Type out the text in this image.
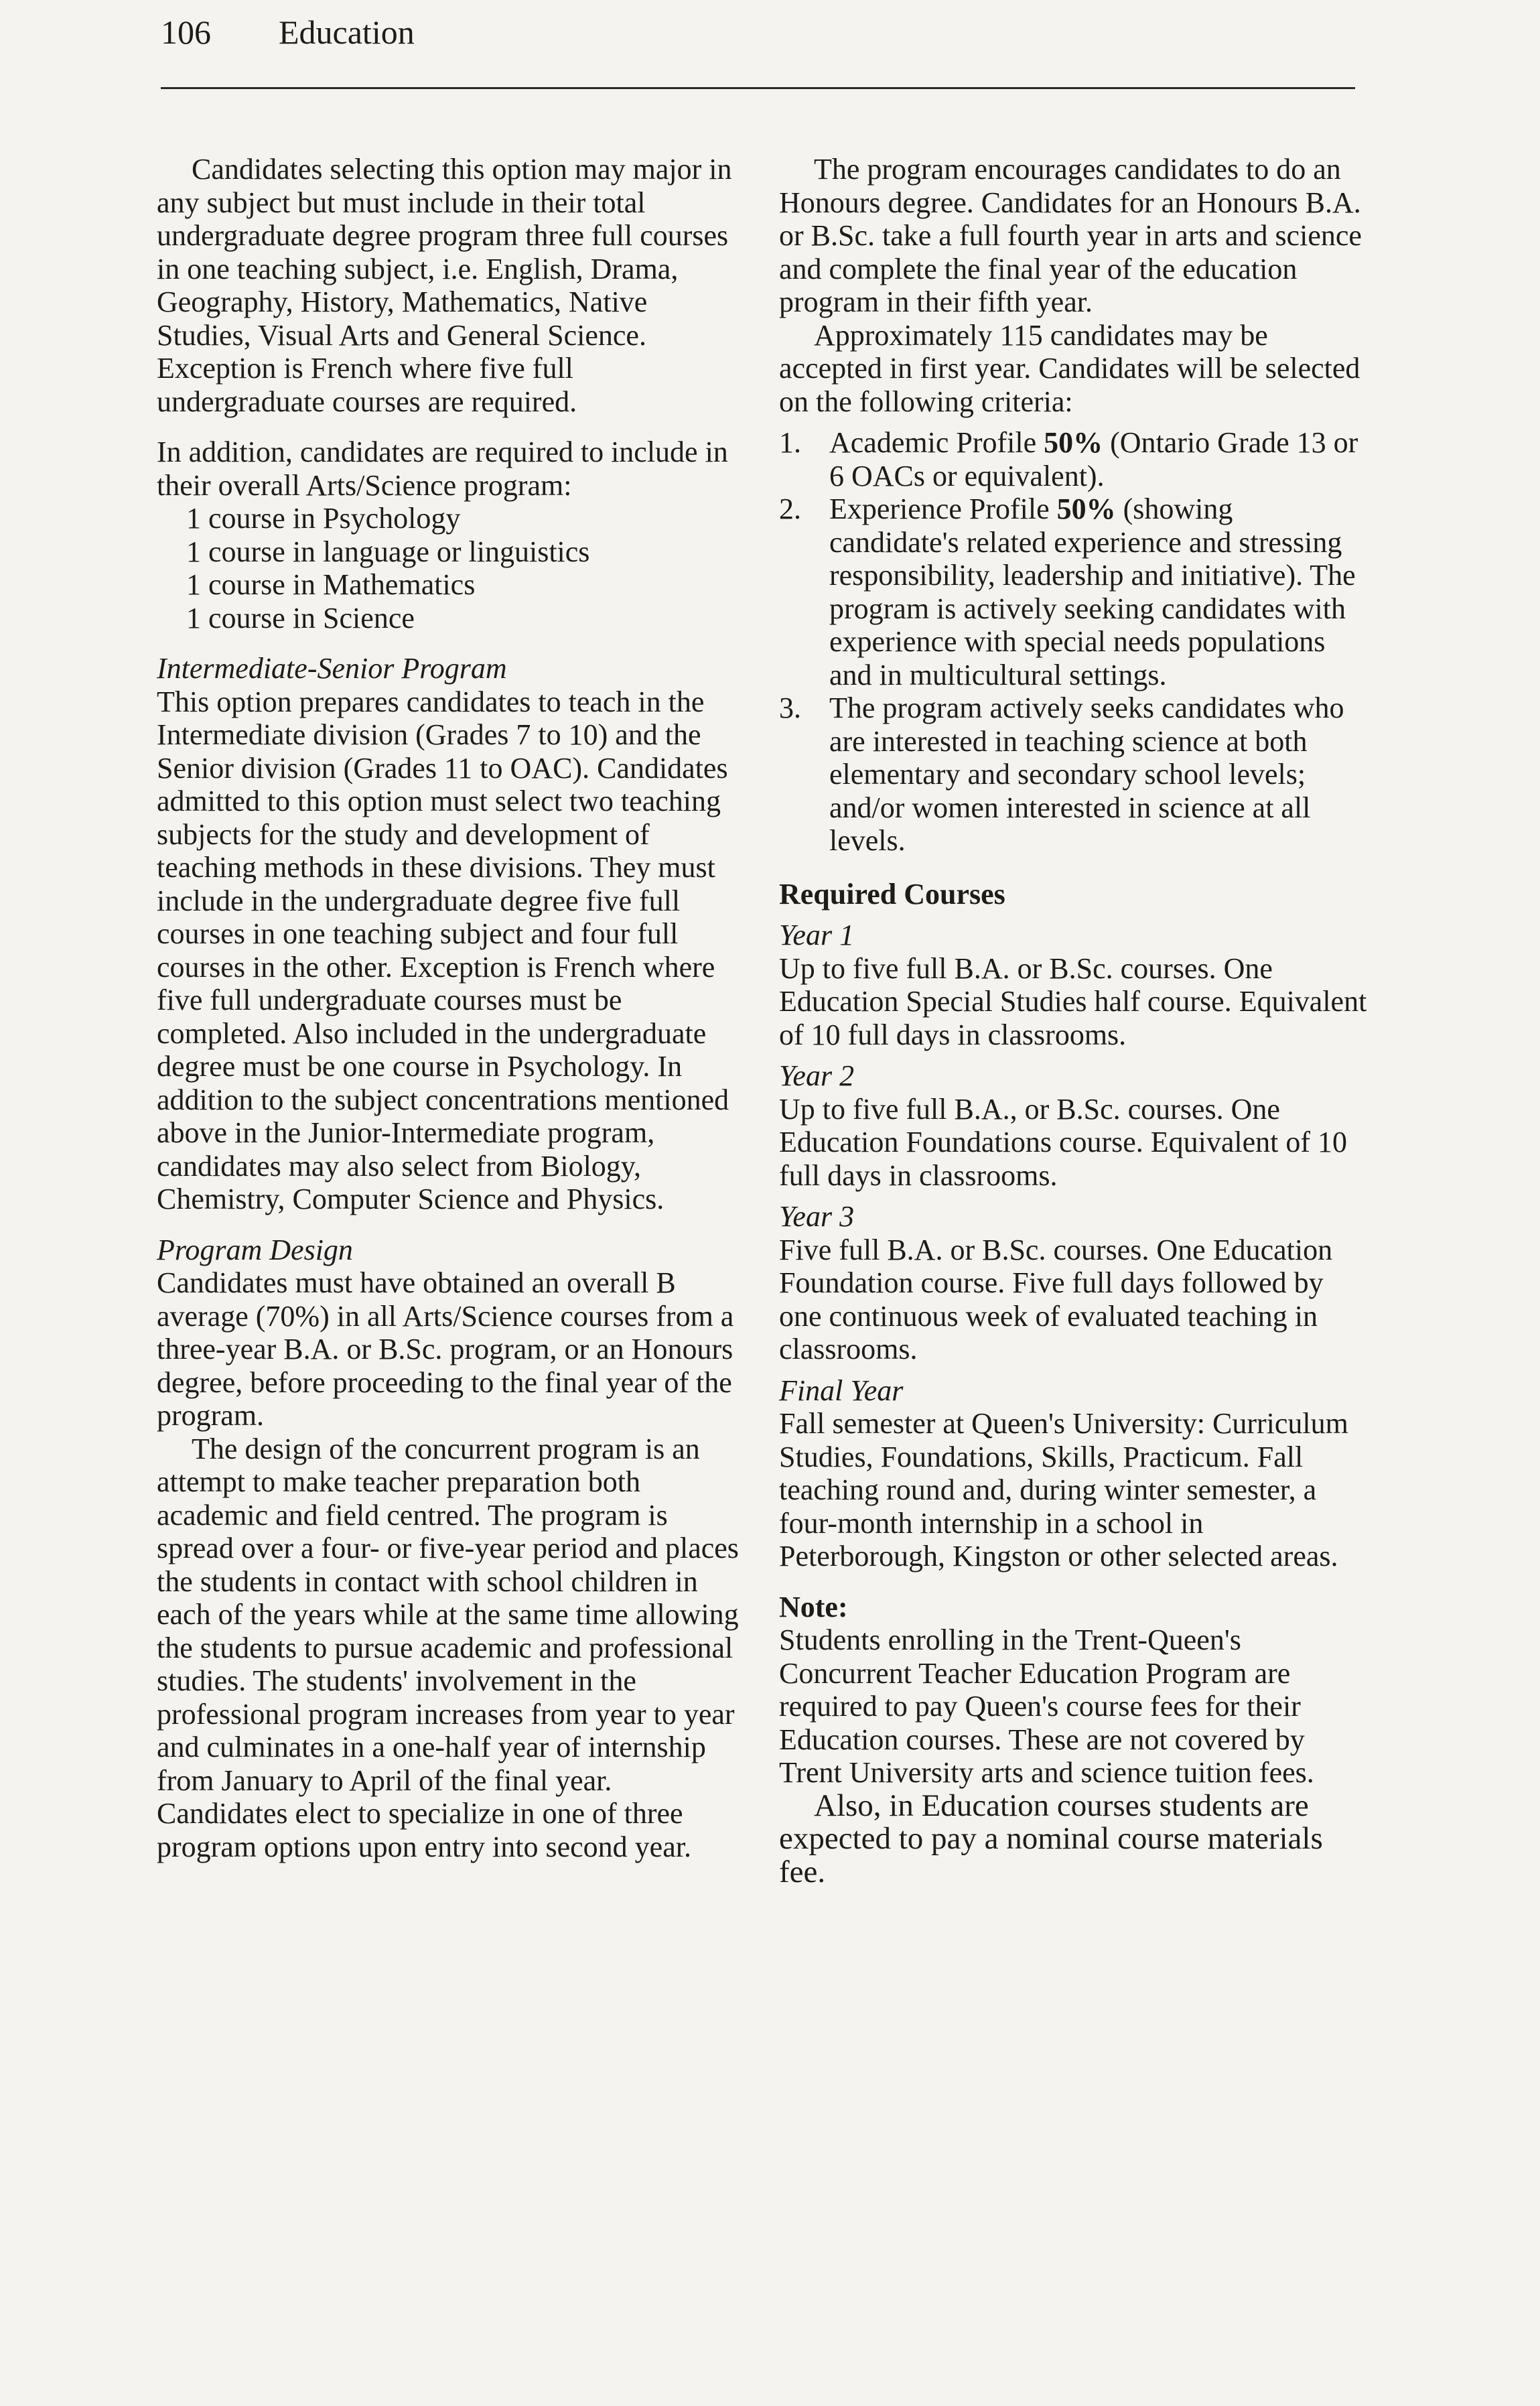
106 Education

Candidates selecting this option may major in any subject but must include in their total undergraduate degree program three full courses in one teaching subject, i.e. English, Drama, Geography, History, Mathematics, Native Studies, Visual Arts and General Science. Exception is French where five full undergraduate courses are required.

In addition, candidates are required to include in their overall Arts/Science program:

1 course in Psychology
1 course in language or linguistics
1 course in Mathematics
1 course in Science

Intermediate-Senior Program

This option prepares candidates to teach in the Intermediate division (Grades 7 to 10) and the Senior division (Grades 11 to OAC). Candidates admitted to this option must select two teaching subjects for the study and development of teaching methods in these divisions. They must include in the undergraduate degree five full courses in one teaching subject and four full courses in the other. Exception is French where five full undergraduate courses must be completed. Also included in the undergraduate degree must be one course in Psychology. In addition to the subject concentrations mentioned above in the Junior-Intermediate program, candidates may also select from Biology, Chemistry, Computer Science and Physics.

Program Design

Candidates must have obtained an overall B average (70%) in all Arts/Science courses from a three-year B.A. or B.Sc. program, or an Honours degree, before proceeding to the final year of the program.

The design of the concurrent program is an attempt to make teacher preparation both academic and field centred. The program is spread over a four- or five-year period and places the students in contact with school children in each of the years while at the same time allowing the students to pursue academic and professional studies. The students' involvement in the professional program increases from year to year and culminates in a one-half year of internship from January to April of the final year. Candidates elect to specialize in one of three program options upon entry into second year.

The program encourages candidates to do an Honours degree. Candidates for an Honours B.A. or B.Sc. take a full fourth year in arts and science and complete the final year of the education program in their fifth year.

Approximately 115 candidates may be accepted in first year. Candidates will be selected on the following criteria:

1. Academic Profile 50% (Ontario Grade 13 or 6 OACs or equivalent).
2. Experience Profile 50% (showing candidate's related experience and stressing responsibility, leadership and initiative). The program is actively seeking candidates with experience with special needs populations and in multicultural settings.
3. The program actively seeks candidates who are interested in teaching science at both elementary and secondary school levels; and/or women interested in science at all levels.

Required Courses

Year 1

Up to five full B.A. or B.Sc. courses. One Education Special Studies half course. Equivalent of 10 full days in classrooms.

Year 2

Up to five full B.A., or B.Sc. courses. One Education Foundations course. Equivalent of 10 full days in classrooms.

Year 3

Five full B.A. or B.Sc. courses. One Education Foundation course. Five full days followed by one continuous week of evaluated teaching in classrooms.

Final Year

Fall semester at Queen's University: Curriculum Studies, Foundations, Skills, Practicum. Fall teaching round and, during winter semester, a four-month internship in a school in Peterborough, Kingston or other selected areas.

Note:

Students enrolling in the Trent-Queen's Concurrent Teacher Education Program are required to pay Queen's course fees for their Education courses. These are not covered by Trent University arts and science tuition fees.

Also, in Education courses students are expected to pay a nominal course materials fee.
